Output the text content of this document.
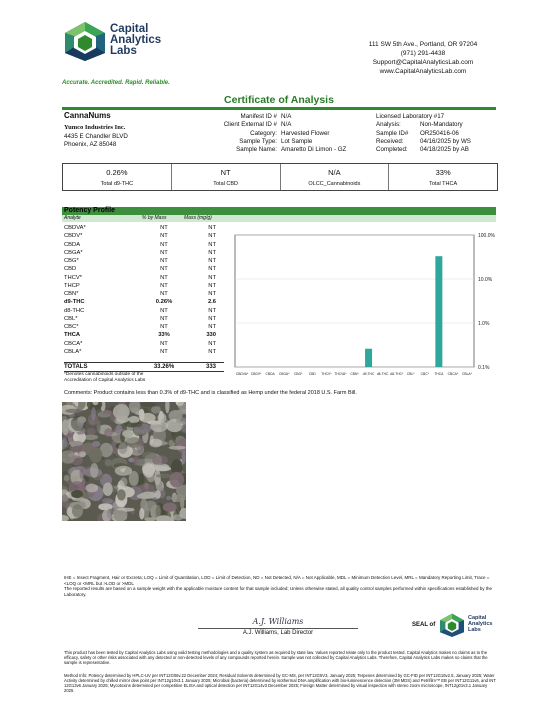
Capital
Analytics
Labs
Accurate. Accredited. Rapid. Reliable.
111 SW 5th Ave., Portland, OR 97204
(971) 291-4438
Support@CapitalAnalyticsLab.com
www.CapitalAnalyticsLab.com
Certificate of Analysis
CannaNums
Yumco Industries Inc.
4435 E Chandler BLVD
Phoenix, AZ 85048
Manifest ID # N/A
Client External ID # N/A
Category: Harvested Flower
Sample Type: Lot Sample
Sample Name: Amaretto Di Limon - GZ
Licensed Laboratory #17
Analysis:	Non-Mandatory
Sample ID#	OR250416-06
Received:	04/16/2025 by WS
Completed:	04/18/2025 by AB
0.26%
Total d9-THC
NT
Total CBD
N/A
OLCC_Cannabinoids
33%
Total THCA
Potency Profile
Analyte	% by Mass	Mass (mg/g)
CBDVA*	NT	NT
CBDV*	NT	NT
CBDA	NT	NT
CBGA*	NT	NT
CBG*	NT	NT
CBD	NT	NT
THCV*	NT	NT
THCP	NT	NT
CBN*	NT	NT
d9-THC	0.26%	2.6
d8-THC	NT	NT
CBL*	NT	NT
CBC*	NT	NT
THCA	33%	330
CBCA*	NT	NT
CBLA*	NT	NT
TOTALS	33.26%	333
*Denotes cannabinoids outside of the Accreditation of Capital Analytics Labs
100.0%
10.0%
1.0%
0.1%
CBDVA* CBDV* CBDA CBGA* CBG* CBD THCV* THCVA* CBN* d9-THC d8-THC Δ8-THC* CBL* CBC* THCA CBCA* CBLA*
Comments: Product contains less than 0.3% of d9-THC and is classified as Hemp under the federal 2018 U.S. Farm Bill.
IHE = Insect Fragment, Hair or Excreta; LOQ = Limit of Quantitation, LOD = Limit of Detection, ND = Not Detected, N/A = Not Applicable, MDL = Minimum Detection Level, MRL = Mandatory Reporting Limit, Trace = <LOQ or <MRL but >LOD or >MDL
The reported results are based on a sample weight with the applicable moisture content for that sample included; Unless otherwise stated, all quality control samples performed within specifications established by the Laboratory.
A.J. Williams
A.J. Williams, Lab Director
SEAL of
Capital
Analytics
Labs
This product has been tested by Capital Analytics Labs using valid testing methodologies and a quality system as required by state law. Values reported relate only to the product tested. Capital Analytics makes no claims as to the efficacy, safety or other risks associated with any detected or non-detected levels of any compounds reported herein. Sample was not collected by Capital Analytics Labs. Therefore, Capital Analytics Labs makes no claims that the sample is representative.
Method Info: Potency determined by HPLC-UV per INT12G06v.22 December 2024; Residual Solvents determined by GC-MS, per INT12G5V3, January 2025; Terpenes determined by GC-FID per INT12G16v2.5, January 2025; Water Activity determined by chilled mirror dew point per INT12g10v3.1 January 2025; Microbial (bacteria) determined by isothermal DNA amplification with bio-luminescence detection (3M MDS) and Petrifilm™ EB per INT12G11v6, and INT 12G13v6 January 2025; Mycotoxins determined per competitive ELISA and optical detection per INT12G14v3 December 2025; Foreign Matter determined by visual inspection with stereo zoom microscope, INT12g01v3.1 January 2025
